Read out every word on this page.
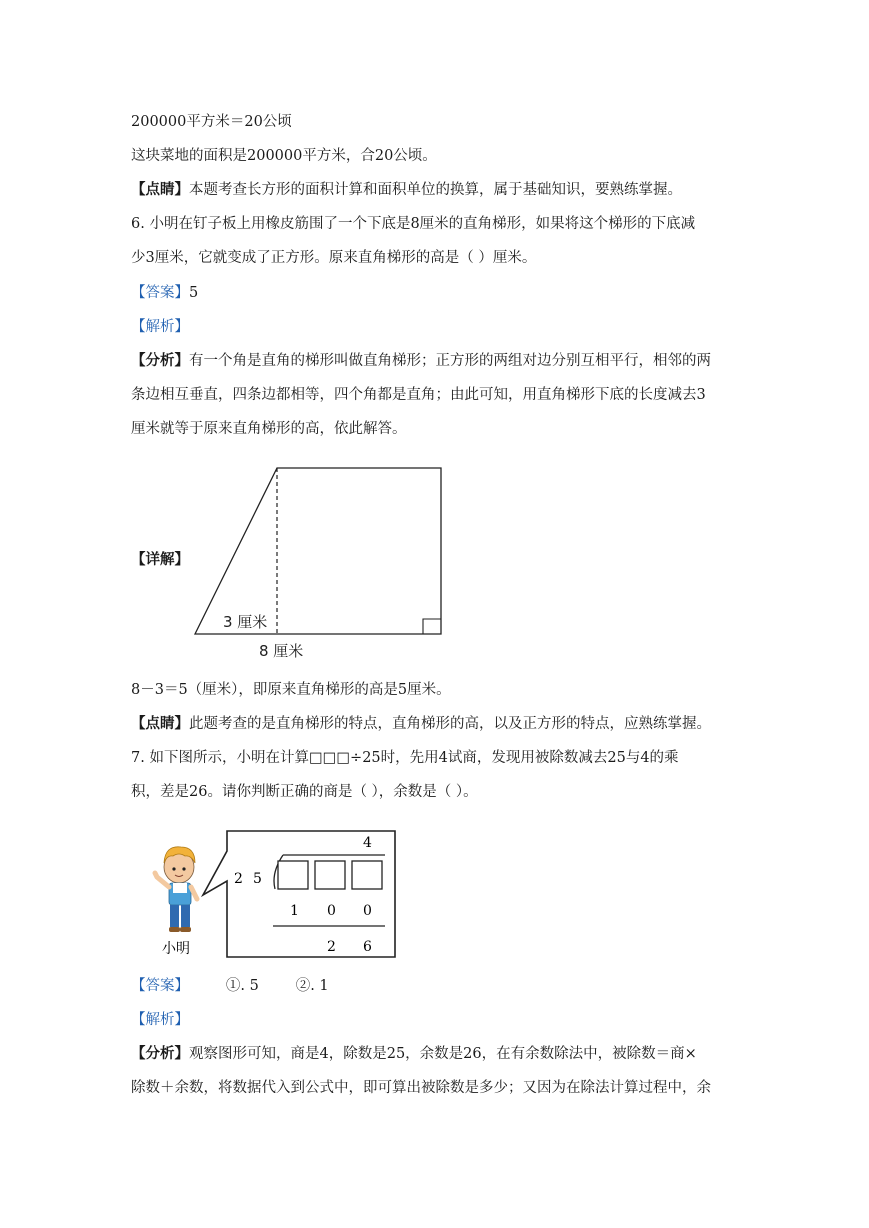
200000平方米＝20公顷
这块菜地的面积是200000平方米，合20公顷。
【点睛】本题考查长方形的面积计算和面积单位的换算，属于基础知识，要熟练掌握。
6. 小明在钉子板上用橡皮筋围了一个下底是8厘米的直角梯形，如果将这个梯形的下底减
少3厘米，它就变成了正方形。原来直角梯形的高是（ ）厘米。
【答案】5
【解析】
【分析】有一个角是直角的梯形叫做直角梯形；正方形的两组对边分别互相平行，相邻的两
条边相互垂直，四条边都相等，四个角都是直角；由此可知，用直角梯形下底的长度减去3
厘米就等于原来直角梯形的高，依此解答。
【详解】
3 厘米
8 厘米
8－3＝5（厘米），即原来直角梯形的高是5厘米。
【点睛】此题考查的是直角梯形的特点，直角梯形的高，以及正方形的特点，应熟练掌握。
7. 如下图所示，小明在计算□□□÷25时，先用4试商，发现用被除数减去25与4的乘
积，差是26。请你判断正确的商是（ ），余数是（ ）。
4
2 5
1 0 0
2 6
小明
【答案】        ①. 5        ②. 1
【解析】
【分析】观察图形可知，商是4，除数是25，余数是26，在有余数除法中，被除数＝商×
除数＋余数，将数据代入到公式中，即可算出被除数是多少；又因为在除法计算过程中，余
